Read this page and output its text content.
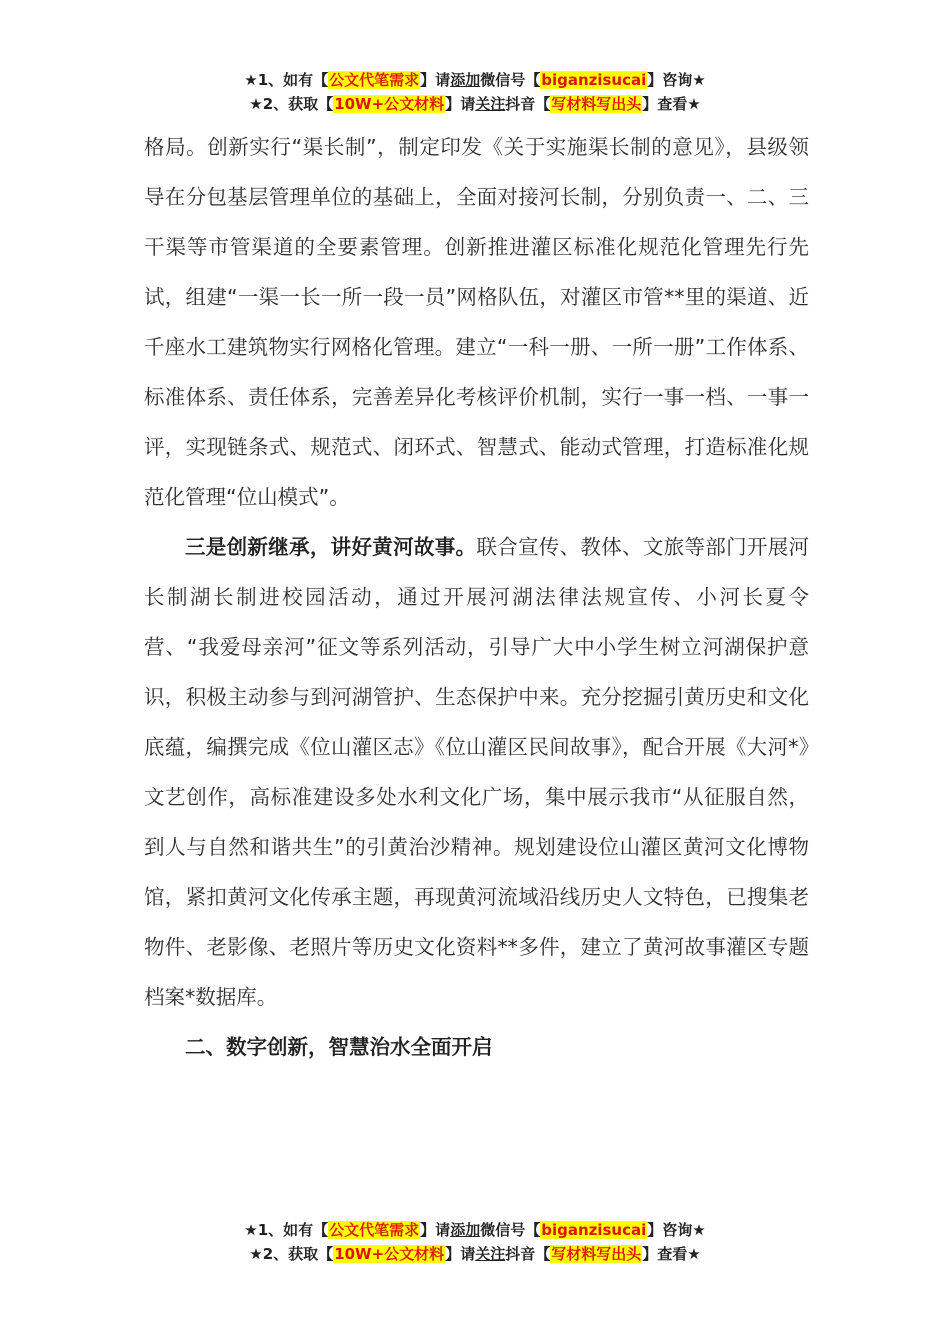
★1、如有【公文代笔需求】请添加微信号【biganzisucai】咨询★
★2、获取【10W+公文材料】请关注抖音【写材料写出头】查看★

格局。创新实行“渠长制”，制定印发《关于实施渠长制的意见》，县级领导在分包基层管理单位的基础上，全面对接河长制，分别负责一、二、三干渠等市管渠道的全要素管理。创新推进灌区标准化规范化管理先行先试，组建“一渠一长一所一段一员”网格队伍，对灌区市管**里的渠道、近千座水工建筑物实行网格化管理。建立“一科一册、一所一册”工作体系、标准体系、责任体系，完善差异化考核评价机制，实行一事一档、一事一评，实现链条式、规范式、闭环式、智慧式、能动式管理，打造标准化规范化管理“位山模式”。

三是创新继承，讲好黄河故事。联合宣传、教体、文旅等部门开展河长制湖长制进校园活动，通过开展河湖法律法规宣传、小河长夏令营、“我爱母亲河”征文等系列活动，引导广大中小学生树立河湖保护意识，积极主动参与到河湖管护、生态保护中来。充分挖掘引黄历史和文化底蕴，编撰完成《位山灌区志》《位山灌区民间故事》，配合开展《大河*》文艺创作，高标准建设多处水利文化广场，集中展示我市“从征服自然，到人与自然和谐共生”的引黄治沙精神。规划建设位山灌区黄河文化博物馆，紧扣黄河文化传承主题，再现黄河流域沿线历史人文特色，已搜集老物件、老影像、老照片等历史文化资料**多件，建立了黄河故事灌区专题档案*数据库。

二、数字创新，智慧治水全面开启

★1、如有【公文代笔需求】请添加微信号【biganzisucai】咨询★
★2、获取【10W+公文材料】请关注抖音【写材料写出头】查看★
